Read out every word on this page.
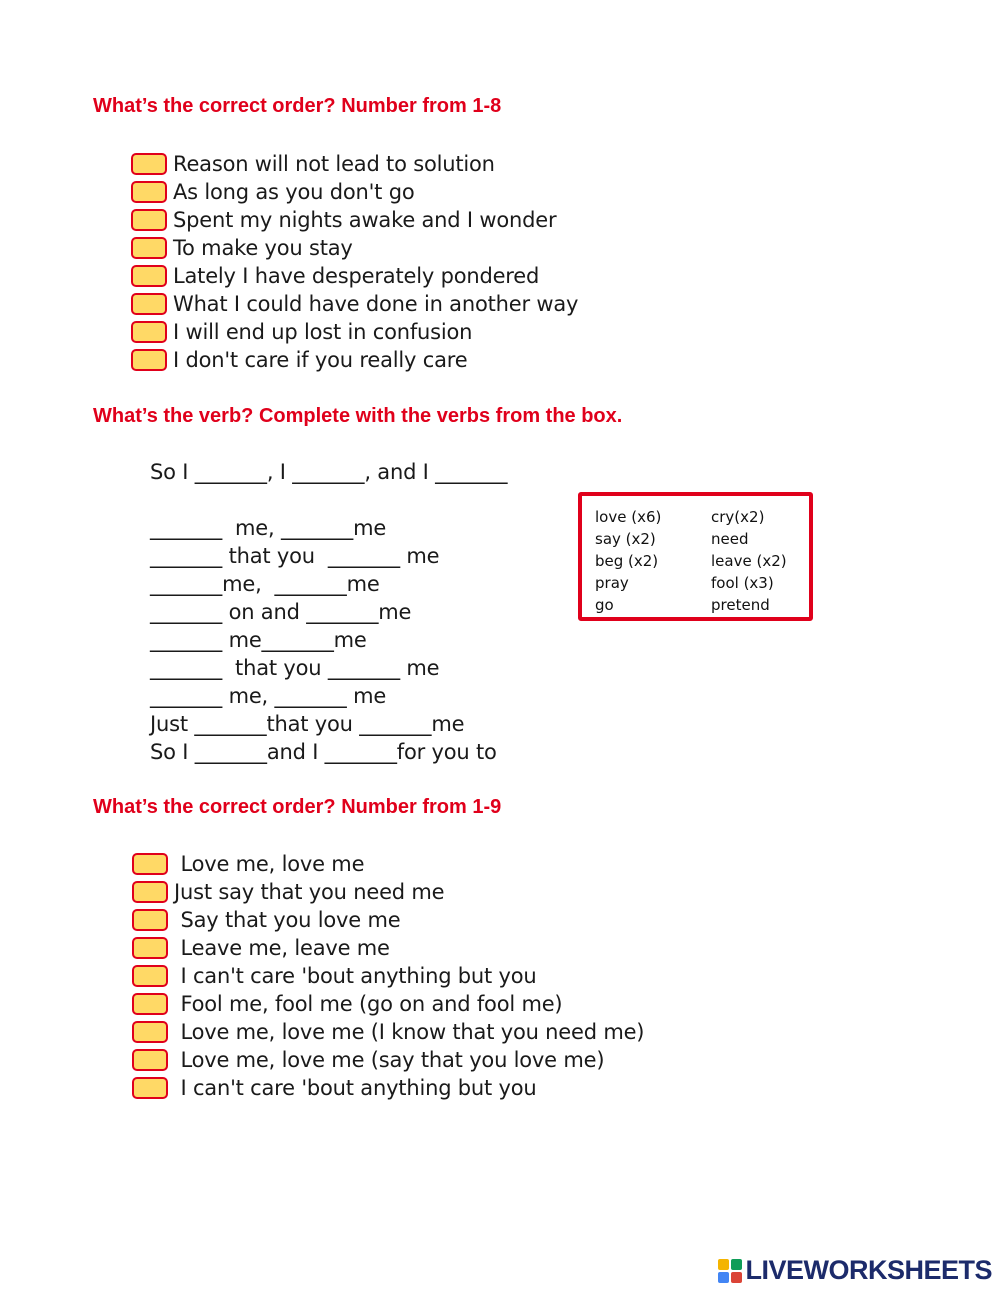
What’s the correct order? Number from 1-8
Reason will not lead to solution
As long as you don't go
Spent my nights awake and I wonder
To make you stay
Lately I have desperately pondered
What I could have done in another way
I will end up lost in confusion
I don't care if you really care
What’s the verb? Complete with the verbs from the box.
So I _______, I _______, and I _______
_______  me, _______me
_______ that you  _______ me
_______me,  _______me
_______ on and _______me
_______ me_______me
_______  that you _______ me
_______ me, _______ me
Just _______that you _______me
So I _______and I _______for you to
love (x6)	cry(x2)
say (x2)	need
beg (x2)	leave (x2)
pray	fool (x3)
go	pretend
What’s the correct order? Number from 1-9
Love me, love me
Just say that you need me
Say that you love me
Leave me, leave me
I can't care 'bout anything but you
Fool me, fool me (go on and fool me)
Love me, love me (I know that you need me)
Love me, love me (say that you love me)
I can't care 'bout anything but you
LIVEWORKSHEETS
